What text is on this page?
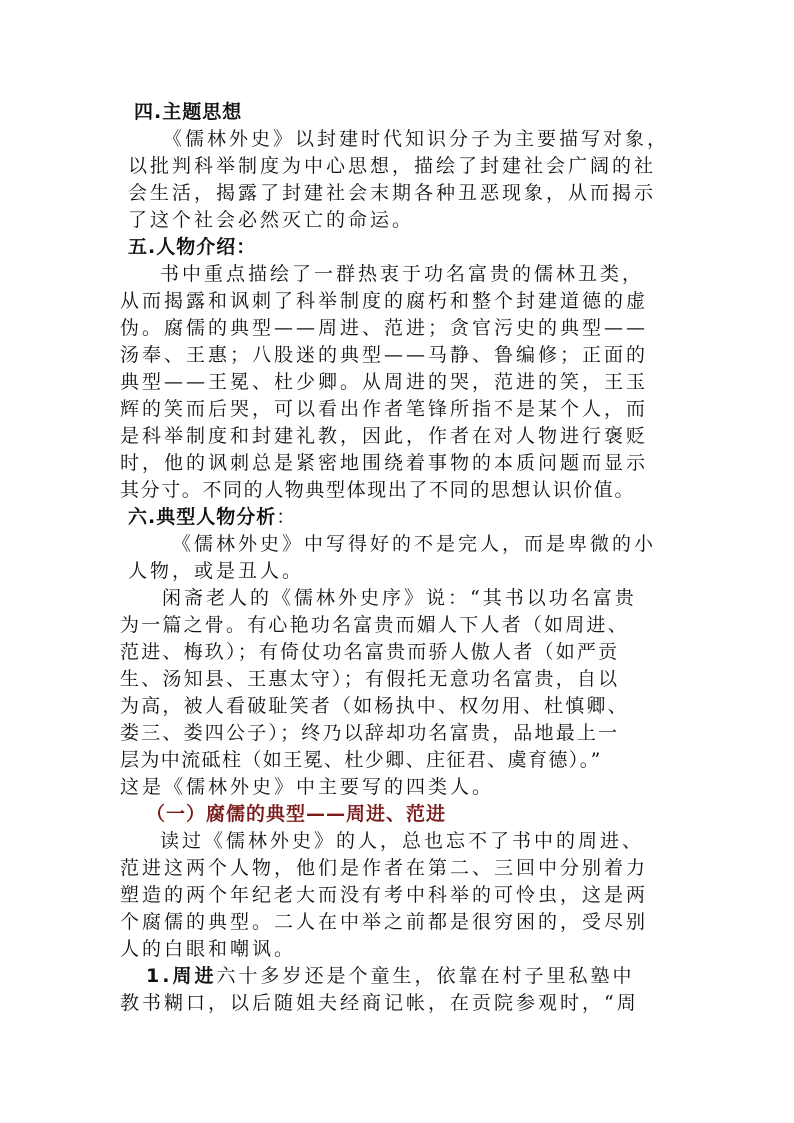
四.主题思想
《儒林外史》以封建时代知识分子为主要描写对象，
以批判科举制度为中心思想，描绘了封建社会广阔的社
会生活，揭露了封建社会末期各种丑恶现象，从而揭示
了这个社会必然灭亡的命运。
五.人物介绍：
书中重点描绘了一群热衷于功名富贵的儒林丑类，
从而揭露和讽刺了科举制度的腐朽和整个封建道德的虚
伪。腐儒的典型——周进、范进；贪官污史的典型——
汤奉、王惠；八股迷的典型——马静、鲁编修；正面的
典型——王冕、杜少卿。从周进的哭，范进的笑，王玉
辉的笑而后哭，可以看出作者笔锋所指不是某个人，而
是科举制度和封建礼教，因此，作者在对人物进行褒贬
时，他的讽刺总是紧密地围绕着事物的本质问题而显示
其分寸。不同的人物典型体现出了不同的思想认识价值。
六.典型人物分析：
《儒林外史》中写得好的不是完人，而是卑微的小
人物，或是丑人。
闲斋老人的《儒林外史序》说：“其书以功名富贵
为一篇之骨。有心艳功名富贵而媚人下人者（如周进、
范进、梅玖）；有倚仗功名富贵而骄人傲人者（如严贡
生、汤知县、王惠太守）；有假托无意功名富贵，自以
为高，被人看破耻笑者（如杨执中、权勿用、杜慎卿、
娄三、娄四公子）；终乃以辞却功名富贵，品地最上一
层为中流砥柱（如王冕、杜少卿、庄征君、虞育德）。”
这是《儒林外史》中主要写的四类人。
（一）腐儒的典型——周进、范进
读过《儒林外史》的人，总也忘不了书中的周进、
范进这两个人物，他们是作者在第二、三回中分别着力
塑造的两个年纪老大而没有考中科举的可怜虫，这是两
个腐儒的典型。二人在中举之前都是很穷困的，受尽别
人的白眼和嘲讽。
1.周进六十多岁还是个童生，依靠在村子里私塾中
教书糊口，以后随姐夫经商记帐，在贡院参观时，“周
